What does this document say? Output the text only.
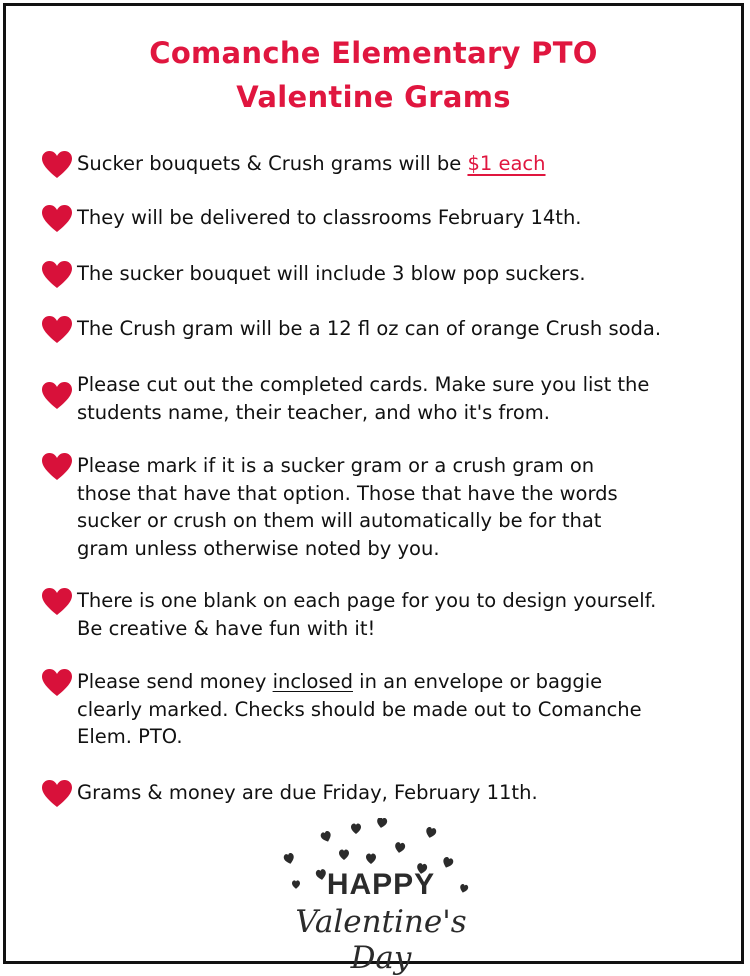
Comanche Elementary PTO
Valentine Grams
Sucker bouquets & Crush grams will be $1 each
They will be delivered to classrooms February 14th.
The sucker bouquet will include 3 blow pop suckers.
The Crush gram will be a 12 fl oz can of orange Crush soda.
Please cut out the completed cards. Make sure you list the
students name, their teacher, and who it's from.
Please mark if it is a sucker gram or a crush gram on
those that have that option. Those that have the words
sucker or crush on them will automatically be for that
gram unless otherwise noted by you.
There is one blank on each page for you to design yourself.
Be creative & have fun with it!
Please send money inclosed in an envelope or baggie
clearly marked. Checks should be made out to Comanche
Elem. PTO.
Grams & money are due Friday, February 11th.
HAPPY
Valentine's Day
